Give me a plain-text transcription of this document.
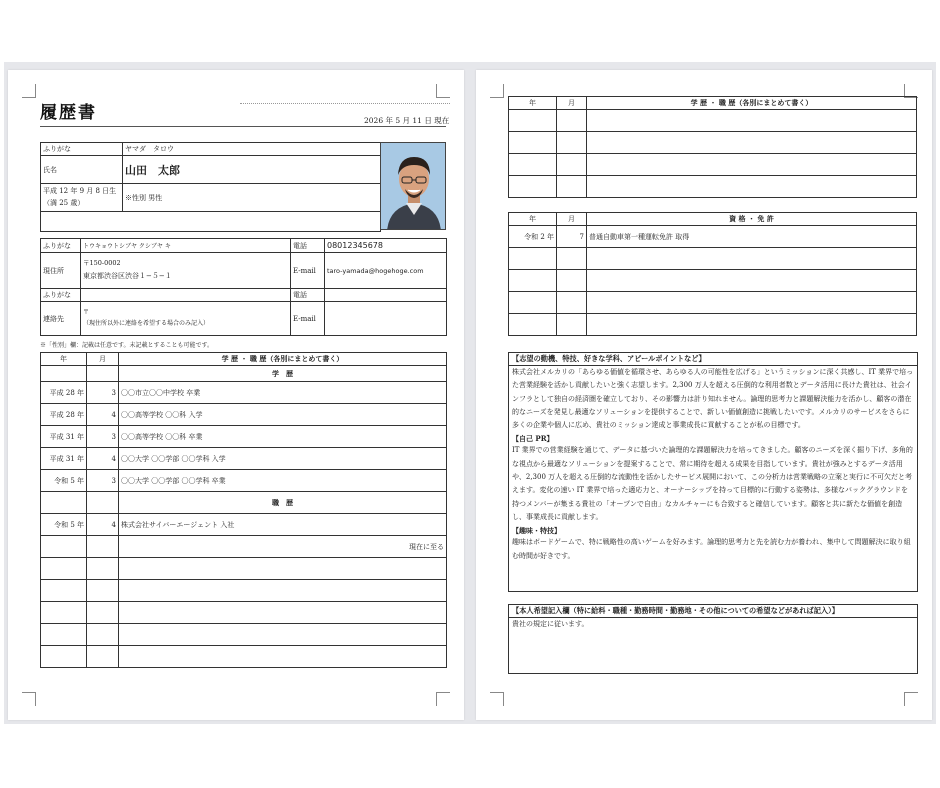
履歴書	2026 年 5 月 11 日 現在
ふりがな	ヤマダ　タロウ
氏名	山田　太郎

平成 12 年 9 月 8 日生
（満 25 歳）	※性別 男性

ふりがな	トウキョウトシブヤ クシブヤ キ	電話	08012345678
現住所	〒150-0002
東京都渋谷区渋谷１−５−１	E-mail	taro-yamada@hogehoge.com
ふりがな		電話	
連絡先	〒
（現住所以外に連絡を希望する場合のみ記入）	E-mail	
※「性別」欄：記載は任意です。未記載とすることも可能です。
年	月	学 歴 ・ 職 歴（各別にまとめて書く）
		学　歴
平成 28 年	3	〇〇市立〇〇中学校 卒業
平成 28 年	4	〇〇高等学校 〇〇科 入学
平成 31 年	3	〇〇高等学校 〇〇科 卒業
平成 31 年	4	〇〇大学 〇〇学部 〇〇学科 入学
令和 5 年	3	〇〇大学 〇〇学部 〇〇学科 卒業
		職　歴
令和 5 年	4	株式会社サイバーエージェント 入社
		現在に至る

年	月	学 歴 ・ 職 歴（各別にまとめて書く）

年	月	資 格 ・ 免 許
令和 2 年	7	普通自動車第一種運転免許 取得

【志望の動機、特技、好きな学科、アピールポイントなど】
株式会社メルカリの「あらゆる価値を循環させ、あらゆる人の可能性を広げる」というミッションに深く共感し、IT 業界で培った営業経験を活かし貢献したいと強く志望します。2,300 万人を超える圧倒的な利用者数とデータ活用に長けた貴社は、社会インフラとして独自の経済圏を確立しており、その影響力は計り知れません。論理的思考力と課題解決能力を活かし、顧客の潜在的なニーズを発見し最適なソリューションを提供することで、新しい価値創造に挑戦したいです。メルカリのサービスをさらに多くの企業や個人に広め、貴社のミッション達成と事業成長に貢献することが私の目標です。
【自己 PR】
IT 業界での営業経験を通じて、データに基づいた論理的な課題解決力を培ってきました。顧客のニーズを深く掘り下げ、多角的な視点から最適なソリューションを提案することで、常に期待を超える成果を目指しています。貴社が強みとするデータ活用や、2,300 万人を超える圧倒的な流動性を活かしたサービス展開において、この分析力は営業戦略の立案と実行に不可欠だと考えます。変化の速い IT 業界で培った適応力と、オーナーシップを持って目標的に行動する姿勢は、多様なバックグラウンドを持つメンバーが集まる貴社の「オープンで自由」なカルチャーにも合致すると確信しています。顧客と共に新たな価値を創造し、事業成長に貢献します。
【趣味・特技】
趣味はボードゲームで、特に戦略性の高いゲームを好みます。論理的思考力と先を読む力が養われ、集中して問題解決に取り組む時間が好きです。
【本人希望記入欄（特に給料・職種・勤務時間・勤務地・その他についての希望などがあれば記入）】
貴社の規定に従います。
